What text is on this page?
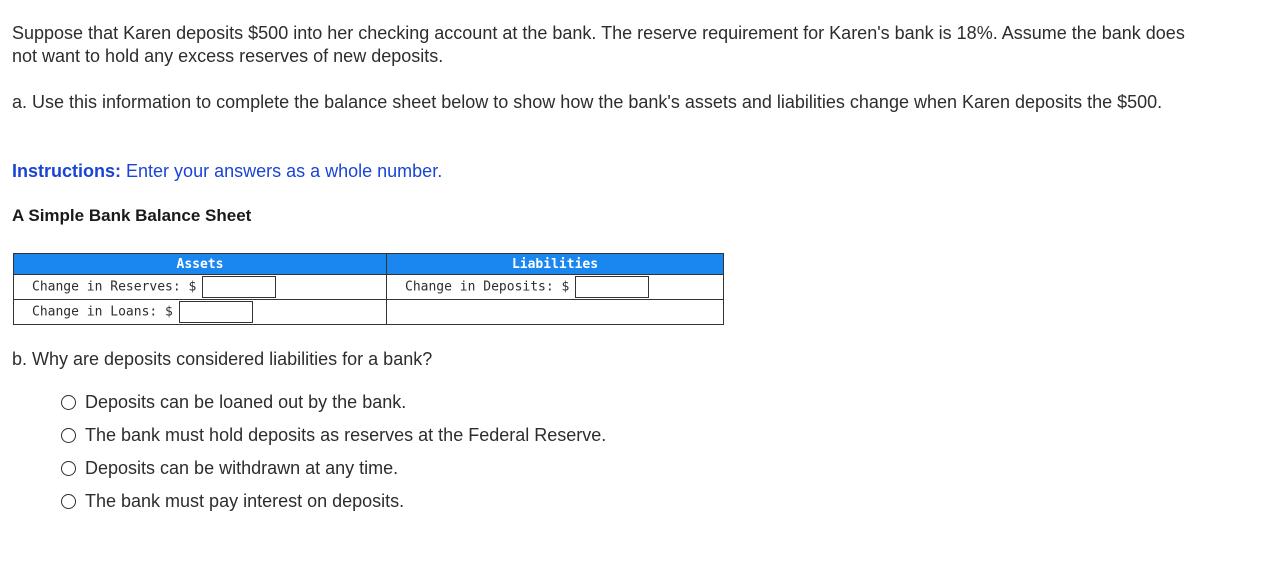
Suppose that Karen deposits $500 into her checking account at the bank. The reserve requirement for Karen's bank is 18%. Assume the bank does not want to hold any excess reserves of new deposits.

a. Use this information to complete the balance sheet below to show how the bank's assets and liabilities change when Karen deposits the $500.

Instructions: Enter your answers as a whole number.
A Simple Bank Balance Sheet
Assets	Liabilities
Change in Reserves: $	Change in Deposits: $
Change in Loans: $	

b. Why are deposits considered liabilities for a bank?

Deposits can be loaned out by the bank.
The bank must hold deposits as reserves at the Federal Reserve.
Deposits can be withdrawn at any time.
The bank must pay interest on deposits.
